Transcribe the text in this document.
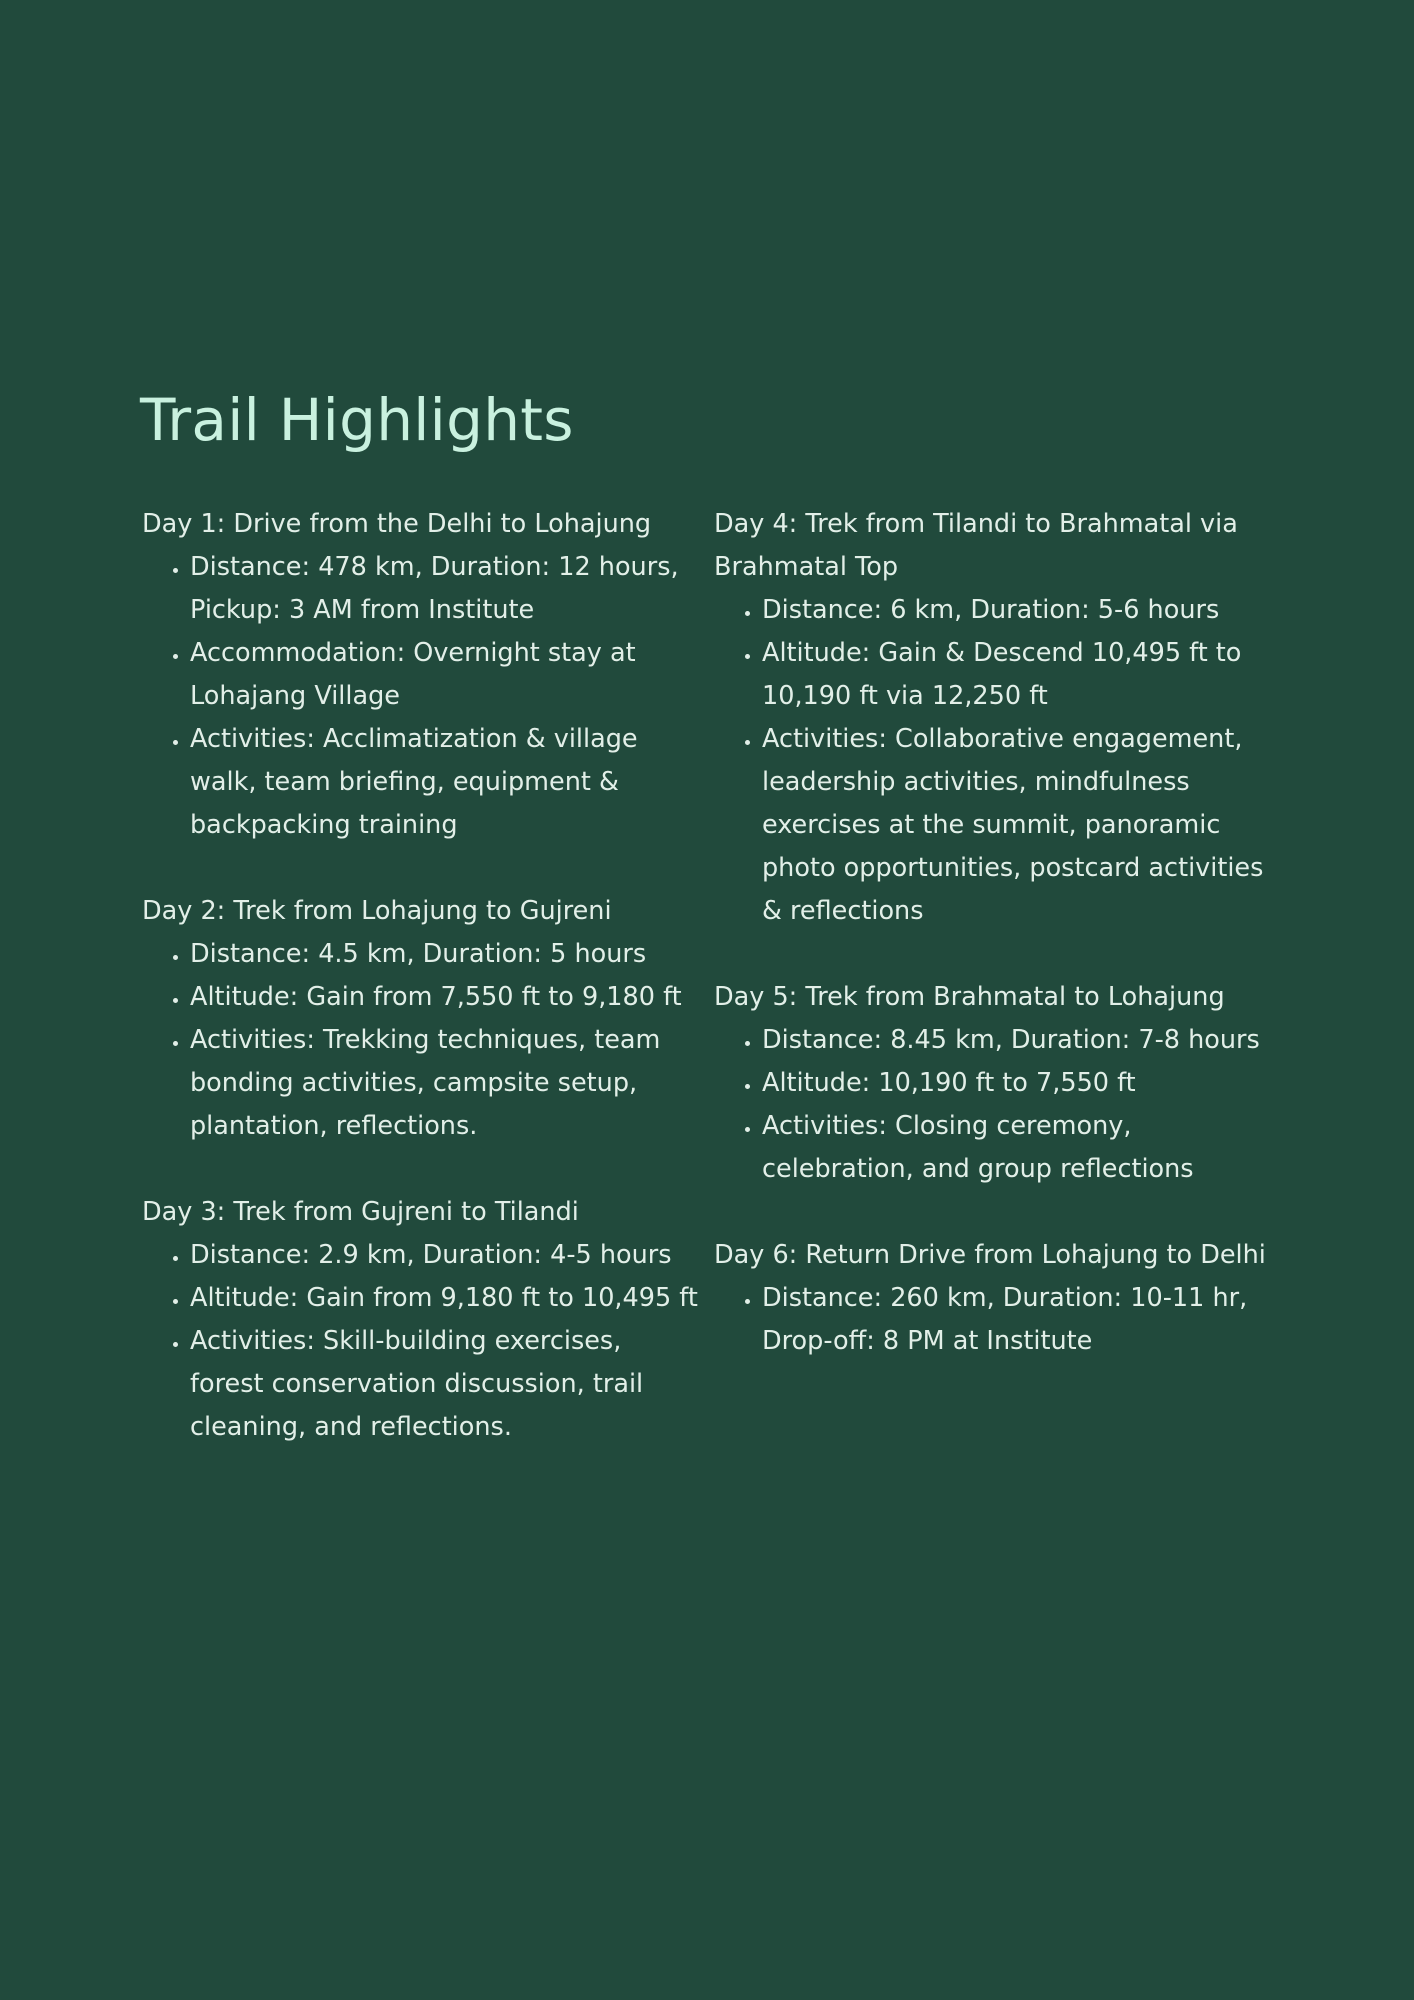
Trail Highlights

Day 1: Drive from the Delhi to Lohajung

• Distance: 478 km, Duration: 12 hours, Pickup: 3 AM from Institute
• Accommodation: Overnight stay at Lohajang Village
• Activities: Acclimatization & village walk, team briefing, equipment & backpacking training

Day 2: Trek from Lohajung to Gujreni

• Distance: 4.5 km, Duration: 5 hours
• Altitude: Gain from 7,550 ft to 9,180 ft
• Activities: Trekking techniques, team bonding activities, campsite setup, plantation, reflections.

Day 3: Trek from Gujreni to Tilandi

• Distance: 2.9 km, Duration: 4-5 hours
• Altitude: Gain from 9,180 ft to 10,495 ft
• Activities: Skill-building exercises, forest conservation discussion, trail cleaning, and reflections.

Day 4: Trek from Tilandi to Brahmatal via Brahmatal Top

• Distance: 6 km, Duration: 5-6 hours
• Altitude: Gain & Descend 10,495 ft to 10,190 ft via 12,250 ft
• Activities: Collaborative engagement, leadership activities, mindfulness exercises at the summit, panoramic photo opportunities, postcard activities & reflections

Day 5: Trek from Brahmatal to Lohajung

• Distance: 8.45 km, Duration: 7-8 hours
• Altitude: 10,190 ft to 7,550 ft
• Activities: Closing ceremony, celebration, and group reflections

Day 6: Return Drive from Lohajung to Delhi

• Distance: 260 km, Duration: 10-11 hr, Drop-off: 8 PM at Institute
